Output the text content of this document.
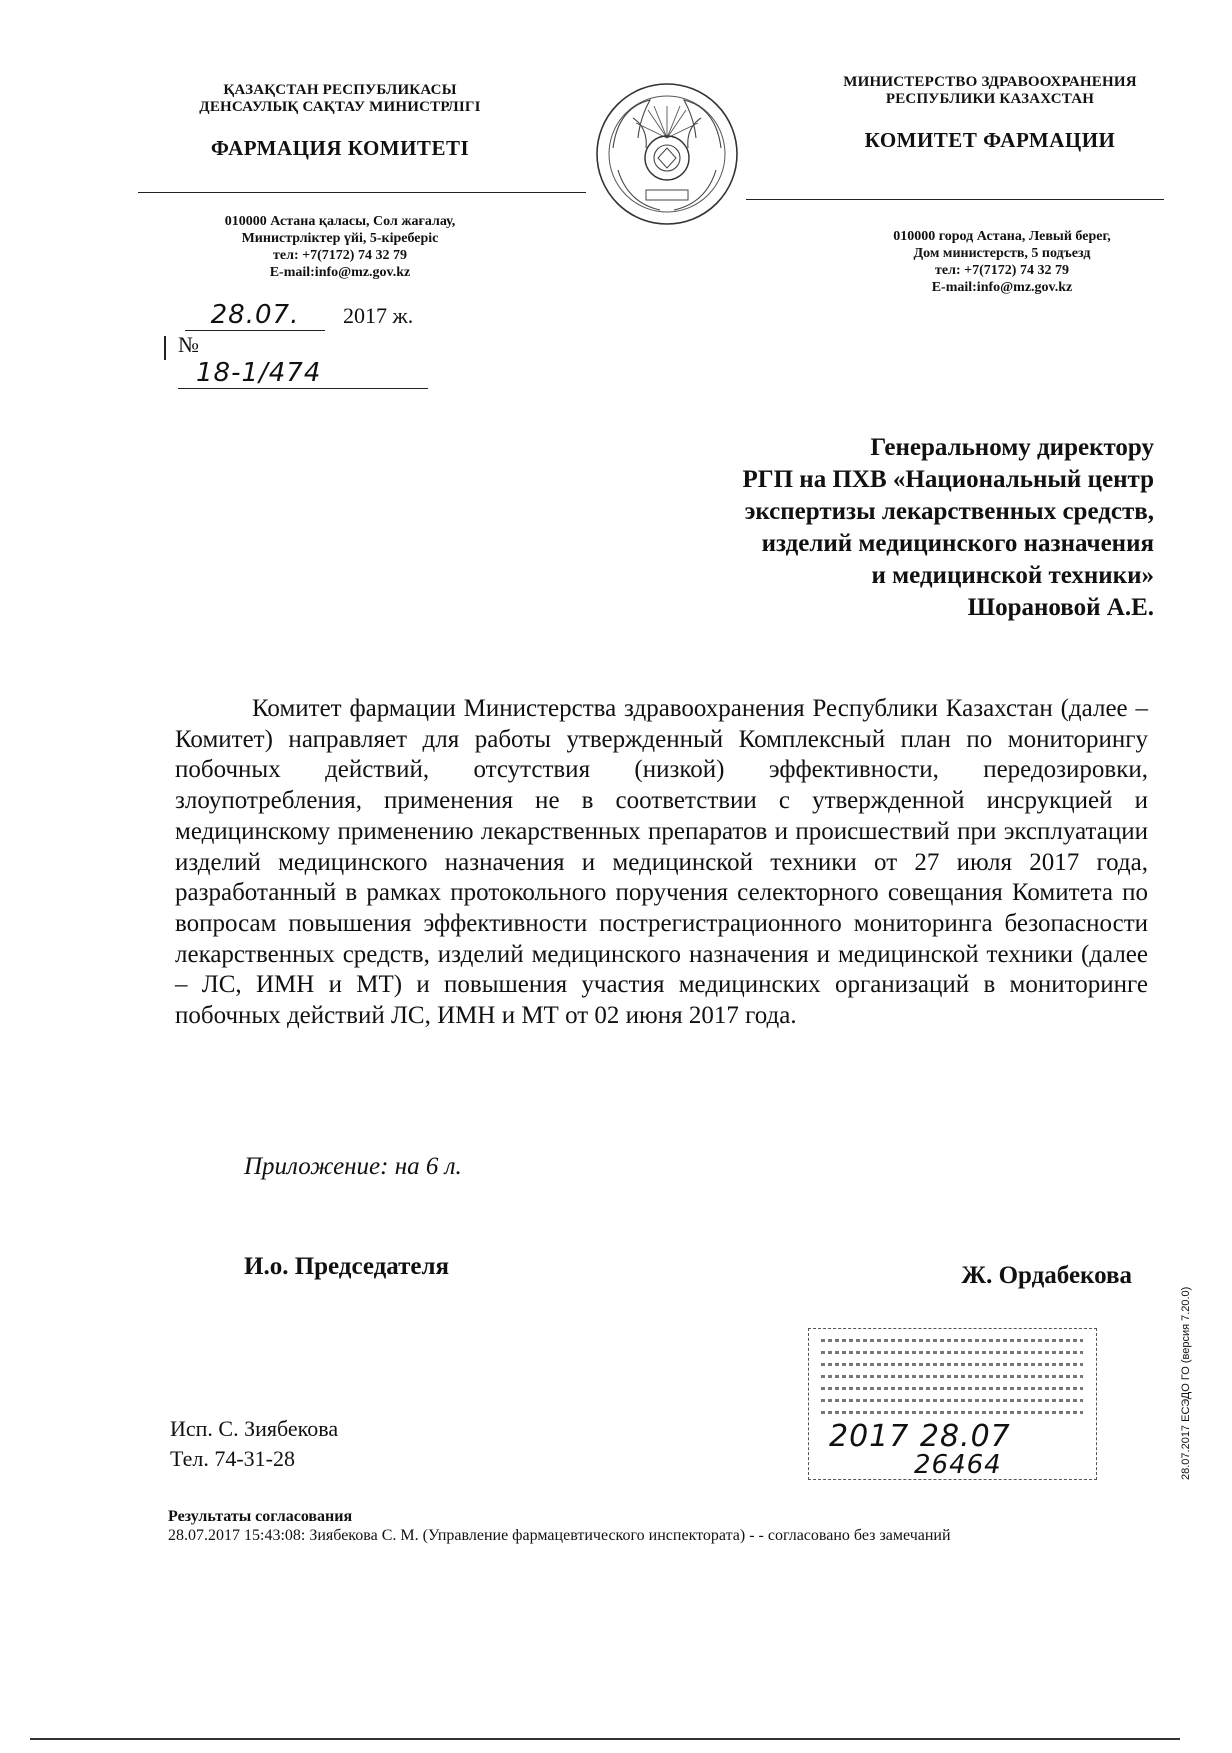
ҚАЗАҚСТАН РЕСПУБЛИКАСЫ
ДЕНСАУЛЫҚ САҚТАУ МИНИСТРЛІГІ
ФАРМАЦИЯ КОМИТЕТІ
010000 Астана қаласы, Сол жағалау,
Министрліктер үйі, 5-кіреберіс
тел: +7(7172) 74 32 79
E-mail:info@mz.gov.kz
МИНИСТЕРСТВО ЗДРАВООХРАНЕНИЯ
РЕСПУБЛИКИ КАЗАХСТАН
КОМИТЕТ ФАРМАЦИИ
010000 город Астана, Левый берег,
Дом министерств, 5 подъезд
тел: +7(7172) 74 32 79
E-mail:info@mz.gov.kz
28.07. 2017 ж.
№ 18-1/474
Генеральному директору
РГП на ПХВ «Национальный центр
экспертизы лекарственных средств,
изделий медицинского назначения
и медицинской техники»
Шорановой А.Е.
Комитет фармации Министерства здравоохранения Республики Казахстан (далее – Комитет) направляет для работы утвержденный Комплексный план по мониторингу побочных действий, отсутствия (низкой) эффективности, передозировки, злоупотребления, применения не в соответствии с утвержденной инсрукцией и медицинскому применению лекарственных препаратов и происшествий при эксплуатации изделий медицинского назначения и медицинской техники от 27 июля 2017 года, разработанный в рамках протокольного поручения селекторного совещания Комитета по вопросам повышения эффективности пострегистрационного мониторинга безопасности лекарственных средств, изделий медицинского назначения и медицинской техники (далее – ЛС, ИМН и МТ) и повышения участия медицинских организаций в мониторинге побочных действий ЛС, ИМН и МТ от 02 июня 2017 года.
Приложение: на 6 л.
И.о. Председателя	Ж. Ордабекова
2017 28.07
26464
Исп. С. Зиябекова
Тел. 74-31-28
Результаты согласования
28.07.2017 15:43:08: Зиябекова С. М. (Управление фармацевтического инспектората) - - согласовано без замечаний
28.07.2017 ЕСЭДО ГО (версия 7.20.0)
